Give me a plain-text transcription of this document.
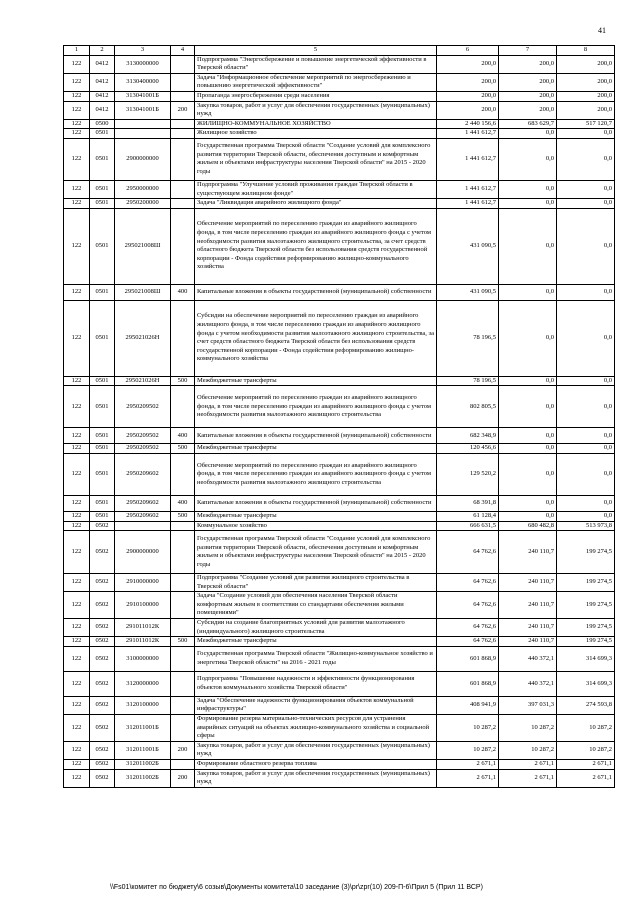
41
1	2	3	4	5	6	7	8
122	0412	3130000000		Подпрограмма "Энергосбережение и повышение энергетической эффективности в Тверской области"	200,0	200,0	200,0
122	0412	3130400000		Задача "Информационное обеспечение мероприятий по энергосбережению и повышению энергетической эффективности"	200,0	200,0	200,0
122	0412	313041001Б		Пропаганда энергосбережения среди населения	200,0	200,0	200,0
122	0412	313041001Б	200	Закупка товаров, работ и услуг для обеспечения государственных (муниципальных) нужд	200,0	200,0	200,0
122	0500			ЖИЛИЩНО-КОММУНАЛЬНОЕ ХОЗЯЙСТВО	2 440 156,6	683 629,7	517 120,7
122	0501			Жилищное хозяйство	1 441 612,7	0,0	0,0
122	0501	2900000000		Государственная программа Тверской области "Создание условий для комплексного развития территории Тверской области, обеспечения доступным и комфортным жильем и объектами инфраструктуры населения Тверской области" на 2015 - 2020 годы	1 441 612,7	0,0	0,0
122	0501	2950000000		Подпрограмма "Улучшение условий проживания граждан Тверской области в существующем жилищном фонде"	1 441 612,7	0,0	0,0
122	0501	2950200000		Задача "Ликвидация аварийного жилищного фонда"	1 441 612,7	0,0	0,0
122	0501	295021008Ш		Обеспечение мероприятий по переселению граждан из аварийного жилищного фонда, в том числе переселению граждан из аварийного жилищного фонда с учетом необходимости развития малоэтажного жилищного строительства, за счет средств областного бюджета Тверской области без использования средств государственной корпорации - Фонда содействия реформированию жилищно-коммунального хозяйства	431 090,5	0,0	0,0
122	0501	295021008Ш	400	Капитальные вложения в объекты государственной (муниципальной) собственности	431 090,5	0,0	0,0
122	0501	295021026Н		Субсидии на обеспечение мероприятий по переселению граждан из аварийного жилищного фонда, в том числе переселению граждан из аварийного жилищного фонда с учетом необходимости развития малоэтажного жилищного строительства, за счет средств областного бюджета Тверской области без использования средств государственной корпорации - Фонда содействия реформированию жилищно-коммунального хозяйства	78 196,5	0,0	0,0
122	0501	295021026Н	500	Межбюджетные трансферты	78 196,5	0,0	0,0
122	0501	2950209502		Обеспечение мероприятий по переселению граждан из аварийного жилищного фонда, в том числе переселению граждан из аварийного жилищного фонда с учетом необходимости развития малоэтажного жилищного строительства	802 805,5	0,0	0,0
122	0501	2950209502	400	Капитальные вложения в объекты государственной (муниципальной) собственности	682 348,9	0,0	0,0
122	0501	2950209502	500	Межбюджетные трансферты	120 456,6	0,0	0,0
122	0501	2950209602		Обеспечение мероприятий по переселению граждан из аварийного жилищного фонда, в том числе переселению граждан из аварийного жилищного фонда с учетом необходимости развития малоэтажного жилищного строительства	129 520,2	0,0	0,0
122	0501	2950209602	400	Капитальные вложения в объекты государственной (муниципальной) собственности	68 391,8	0,0	0,0
122	0501	2950209602	500	Межбюджетные трансферты	61 128,4	0,0	0,0
122	0502			Коммунальное хозяйство	666 631,5	680 482,8	513 973,8
122	0502	2900000000		Государственная программа Тверской области "Создание условий для комплексного развития территории Тверской области, обеспечения доступным и комфортным жильем и объектами инфраструктуры населения Тверской области" на 2015 - 2020 годы	64 762,6	240 110,7	199 274,5
122	0502	2910000000		Подпрограмма "Создание условий для развития жилищного строительства в Тверской области"	64 762,6	240 110,7	199 274,5
122	0502	2910100000		Задача "Создание условий для обеспечения населения Тверской области комфортным жильем в соответствии со стандартами обеспечения жилыми помещениями"	64 762,6	240 110,7	199 274,5
122	0502	291011012К		Субсидии на создание благоприятных условий для развития малоэтажного (индивидуального) жилищного строительства	64 762,6	240 110,7	199 274,5
122	0502	291011012К	500	Межбюджетные трансферты	64 762,6	240 110,7	199 274,5
122	0502	3100000000		Государственная программа Тверской области "Жилищно-коммунальное хозяйство и энергетика Тверской области" на 2016 - 2021 годы	601 868,9	440 372,1	314 699,3
122	0502	3120000000		Подпрограмма "Повышение надежности и эффективности функционирования объектов коммунального хозяйства Тверской области"	601 868,9	440 372,1	314 699,3
122	0502	3120100000		Задача "Обеспечение надежности функционирования объектов коммунальной инфраструктуры"	408 941,9	397 031,3	274 593,8
122	0502	312011001Б		Формирование резерва материально-технических ресурсов для устранения аварийных ситуаций на объектах жилищно-коммунального хозяйства и социальной сферы	10 287,2	10 287,2	10 287,2
122	0502	312011001Б	200	Закупка товаров, работ и услуг для обеспечения государственных (муниципальных) нужд	10 287,2	10 287,2	10 287,2
122	0502	312011002Б		Формирование областного резерва топлива	2 671,1	2 671,1	2 671,1
122	0502	312011002Б	200	Закупка товаров, работ и услуг для обеспечения государственных (муниципальных) нужд	2 671,1	2 671,1	2 671,1
\\Fs01\комитет по бюджету\6 созыв\Документы комитета\10 заседание (3)\pr\zpr(10) 209-П-6\Прил 5 (Прил 11 ВСР)
